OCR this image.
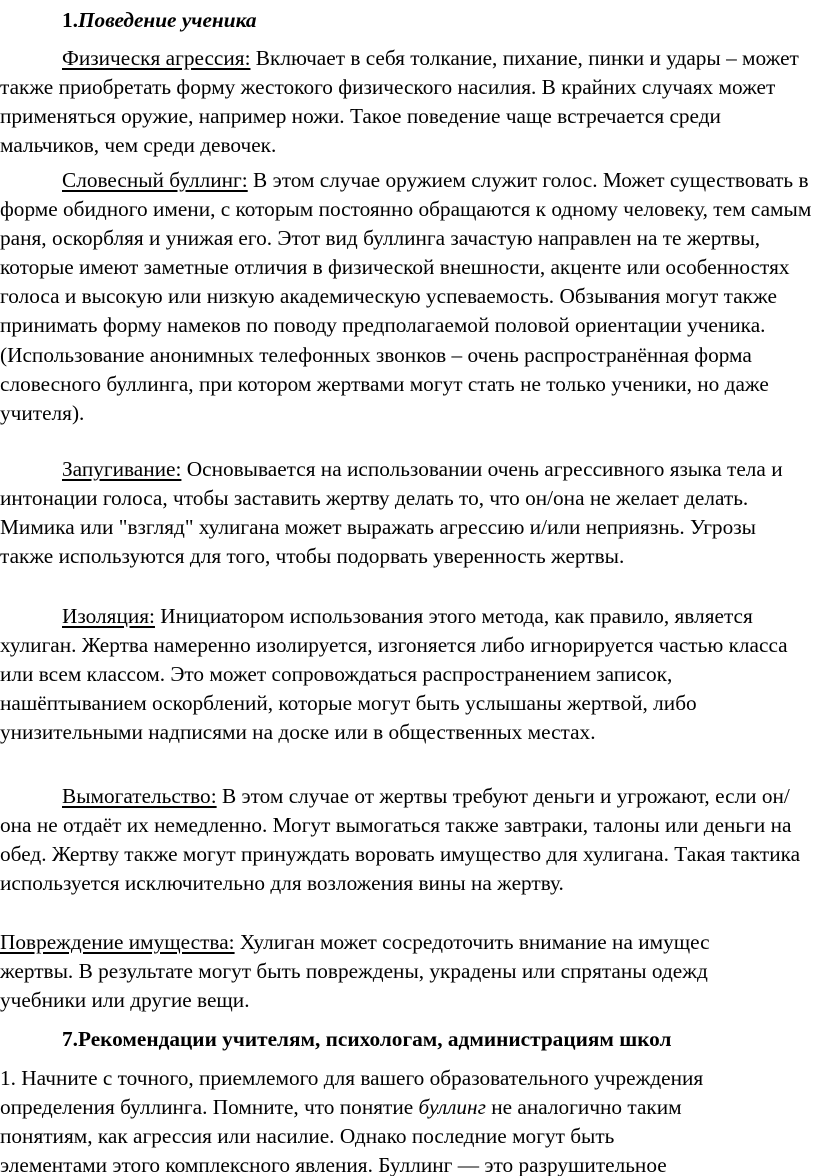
1.Поведение ученика

Физическя агрессия: Включает в себя толкание, пихание, пинки и удары – может также приобретать форму жестокого физического насилия. В крайних случаях может применяться оружие, например ножи. Такое поведение чаще встречается среди мальчиков, чем среди девочек.

Словесный буллинг: В этом случае оружием служит голос. Может существовать в форме обидного имени, с которым постоянно обращаются к одному человеку, тем самым раня, оскорбляя и унижая его. Этот вид буллинга зачастую направлен на те жертвы, которые имеют заметные отличия в физической внешности, акценте или особенностях голоса и высокую или низкую академическую успеваемость. Обзывания могут также принимать форму намеков по поводу предполагаемой половой ориентации ученика. (Использование анонимных телефонных звонков – очень распространённая форма словесного буллинга, при котором жертвами могут стать не только ученики, но даже учителя).

Запугивание: Основывается на использовании очень агрессивного языка тела и интонации голоса, чтобы заставить жертву делать то, что он/она не желает делать. Мимика или "взгляд" хулигана может выражать агрессию и/или неприязнь. Угрозы также используются для того, чтобы подорвать уверенность жертвы.

Изоляция: Инициатором использования этого метода, как правило, является хулиган. Жертва намеренно изолируется, изгоняется либо игнорируется частью класса или всем классом. Это может сопровождаться распространением записок, нашёптыванием оскорблений, которые могут быть услышаны жертвой, либо унизительными надписями на доске или в общественных местах.

Вымогательство: В этом случае от жертвы требуют деньги и угрожают, если он/она не отдаёт их немедленно. Могут вымогаться также завтраки, талоны или деньги на обед. Жертву также могут принуждать воровать имущество для хулигана. Такая тактика используется исключительно для возложения вины на жертву.

Повреждение имущества: Хулиган может сосредоточить внимание на имущес
жертвы. В результате могут быть повреждены, украдены или спрятаны одежд
учебники или другие вещи.
7.Рекомендации учителям, психологам, администрациям школ
1. Начните с точного, приемлемого для вашего образовательного учреждения
определения буллинга. Помните, что понятие буллинг не аналогично таким
понятиям, как агрессия или насилие. Однако последние могут быть
элементами этого комплексного явления. Буллинг — это разрушительное
